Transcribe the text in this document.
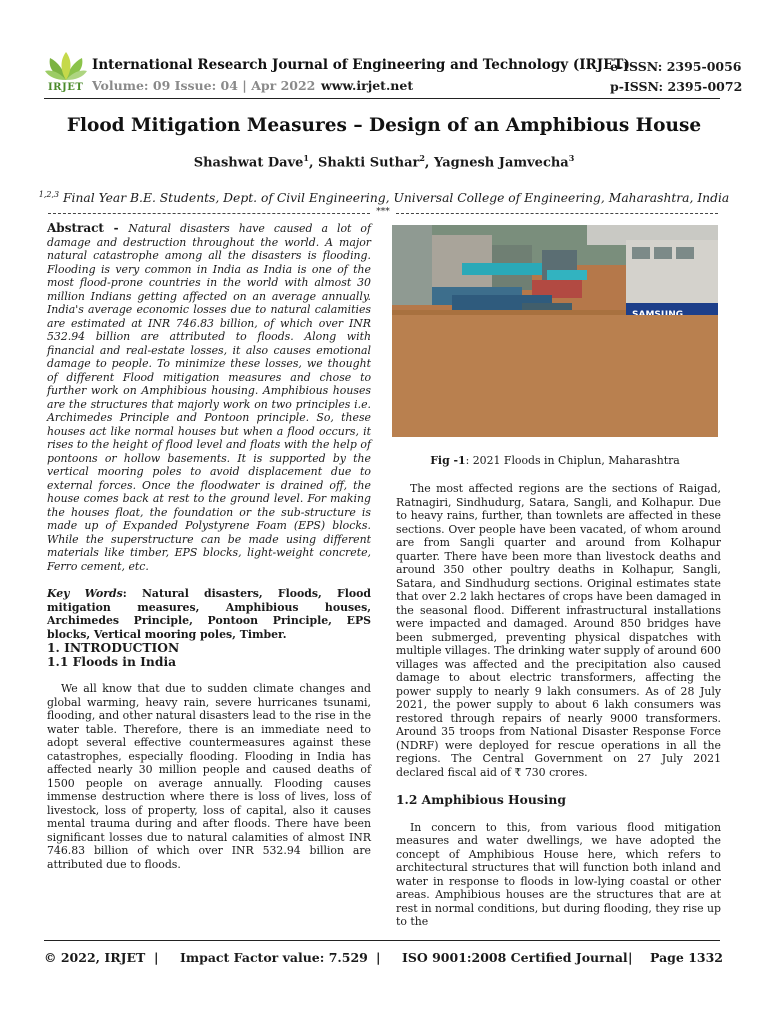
IRJET
International Research Journal of Engineering and Technology (IRJET)
e-ISSN: 2395-0056
Volume: 09 Issue: 04 | Apr 2022 www.irjet.net	p-ISSN: 2395-0072
Flood Mitigation Measures – Design of an Amphibious House
Shashwat Dave$^1$, Shakti Suthar$^2$, Yagnesh Jamvecha$^3$
$^{1,2,3}$ Final Year B.E. Students, Dept. of Civil Engineering, Universal College of Engineering, Maharashtra, India
***

Abstract - Natural disasters have caused a lot of damage and destruction throughout the world. A major natural catastrophe among all the disasters is flooding. Flooding is very common in India as India is one of the most flood-prone countries in the world with almost 30 million Indians getting affected on an average annually. India's average economic losses due to natural calamities are estimated at INR 746.83 billion, of which over INR 532.94 billion are attributed to floods. Along with financial and real-estate losses, it also causes emotional damage to people. To minimize these losses, we thought of different Flood mitigation measures and chose to further work on Amphibious housing. Amphibious houses are the structures that majorly work on two principles i.e. Archimedes Principle and Pontoon principle. So, these houses act like normal houses but when a flood occurs, it rises to the height of flood level and floats with the help of pontoons or hollow basements. It is supported by the vertical mooring poles to avoid displacement due to external forces. Once the floodwater is drained off, the house comes back at rest to the ground level. For making the houses float, the foundation or the sub-structure is made up of Expanded Polystyrene Foam (EPS) blocks. While the superstructure can be made using different materials like timber, EPS blocks, light-weight concrete, Ferro cement, etc.

Key Words: Natural disasters, Floods, Flood mitigation measures, Amphibious houses, Archimedes Principle, Pontoon Principle, EPS blocks, Vertical mooring poles, Timber.

1. INTRODUCTION

1.1 Floods in India

We all know that due to sudden climate changes and global warming, heavy rain, severe hurricanes tsunami, flooding, and other natural disasters lead to the rise in the water table. Therefore, there is an immediate need to adopt several effective countermeasures against these catastrophes, especially flooding. Flooding in India has affected nearly 30 million people and caused deaths of 1500 people on average annually. Flooding causes immense destruction where there is loss of lives, loss of livestock, loss of property, loss of capital, also it causes mental trauma during and after floods. There have been significant losses due to natural calamities of almost INR 746.83 billion of which over INR 532.94 billion are attributed due to floods.

Fig -1: 2021 Floods in Chiplun, Maharashtra

The most affected regions are the sections of Raigad, Ratnagiri, Sindhudurg, Satara, Sangli, and Kolhapur. Due to heavy rains, further, than townlets are affected in these sections. Over people have been vacated, of whom around are from Sangli quarter and around from Kolhapur quarter. There have been more than livestock deaths and around 350 other poultry deaths in Kolhapur, Sangli, Satara, and Sindhudurg sections. Original estimates state that over 2.2 lakh hectares of crops have been damaged in the seasonal flood. Different infrastructural installations were impacted and damaged. Around 850 bridges have been submerged, preventing physical dispatches with multiple villages. The drinking water supply of around 600 villages was affected and the precipitation also caused damage to about electric transformers, affecting the power supply to nearly 9 lakh consumers. As of 28 July 2021, the power supply to about 6 lakh consumers was restored through repairs of nearly 9000 transformers. Around 35 troops from National Disaster Response Force (NDRF) were deployed for rescue operations in all the regions. The Central Government on 27 July 2021 declared fiscal aid of ₹ 730 crores.

1.2 Amphibious Housing

In concern to this, from various flood mitigation measures and water dwellings, we have adopted the concept of Amphibious House here, which refers to architectural structures that will function both inland and water in response to floods in low-lying coastal or other areas. Amphibious houses are the structures that are at rest in normal conditions, but during flooding, they rise up to the

© 2022, IRJET | Impact Factor value: 7.529 | ISO 9001:2008 Certified Journal| Page 1332
